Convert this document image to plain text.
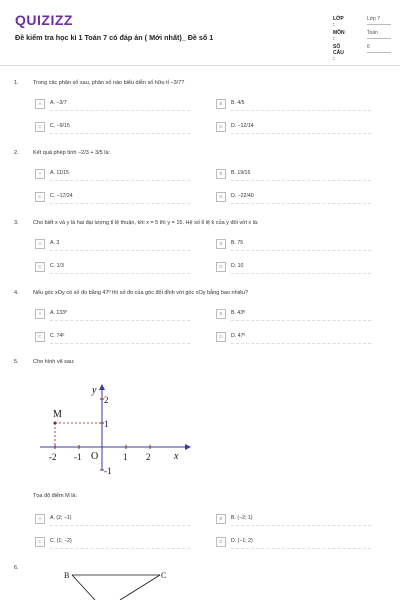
QUIZIZZ
Đề kiểm tra học kì 1 Toán 7 có đáp án ( Mới nhất)_ Đề số 1
LỚP :
Lớp 7
MÔN :
Toán
SỐ CÂU :
6
1.	Trong các phân số sau, phân số nào biểu diễn số hữu tỉ −3/7?
A	A. −3/7	B	B. 4/5
C	C. −9/15	D	D. −12/14
2.	Kết quả phép tính −2/3 + 3/5 là:
A	A. 11/15	B	B. 19/15
C	C. −17/24	D	D. −22/40
3.	Cho biết x và y là hai đại lượng tỉ lệ thuận, khi x = 5 thì y = 15. Hệ số tỉ lệ k của y đối với x là:
A	A. 3	B	B. 75
C	C. 1/3	D	D. 10
4.	Nếu góc xOy có số đo bằng 47º thì số đo của góc đối đỉnh với góc xOy bằng bao nhiêu?
A	A. 133º	B	B. 43º
C	C. 74º	D	D. 47º
5.	Cho hình vẽ sau:
y
x
O
M
-2 -1	1 2
2
1
-1
B	C
Tọa độ điểm M là:
A	A. (2; −1)	B	B. (−2; 1)
C	C. (1; −2)	D	D. (−1; 2)
6.
